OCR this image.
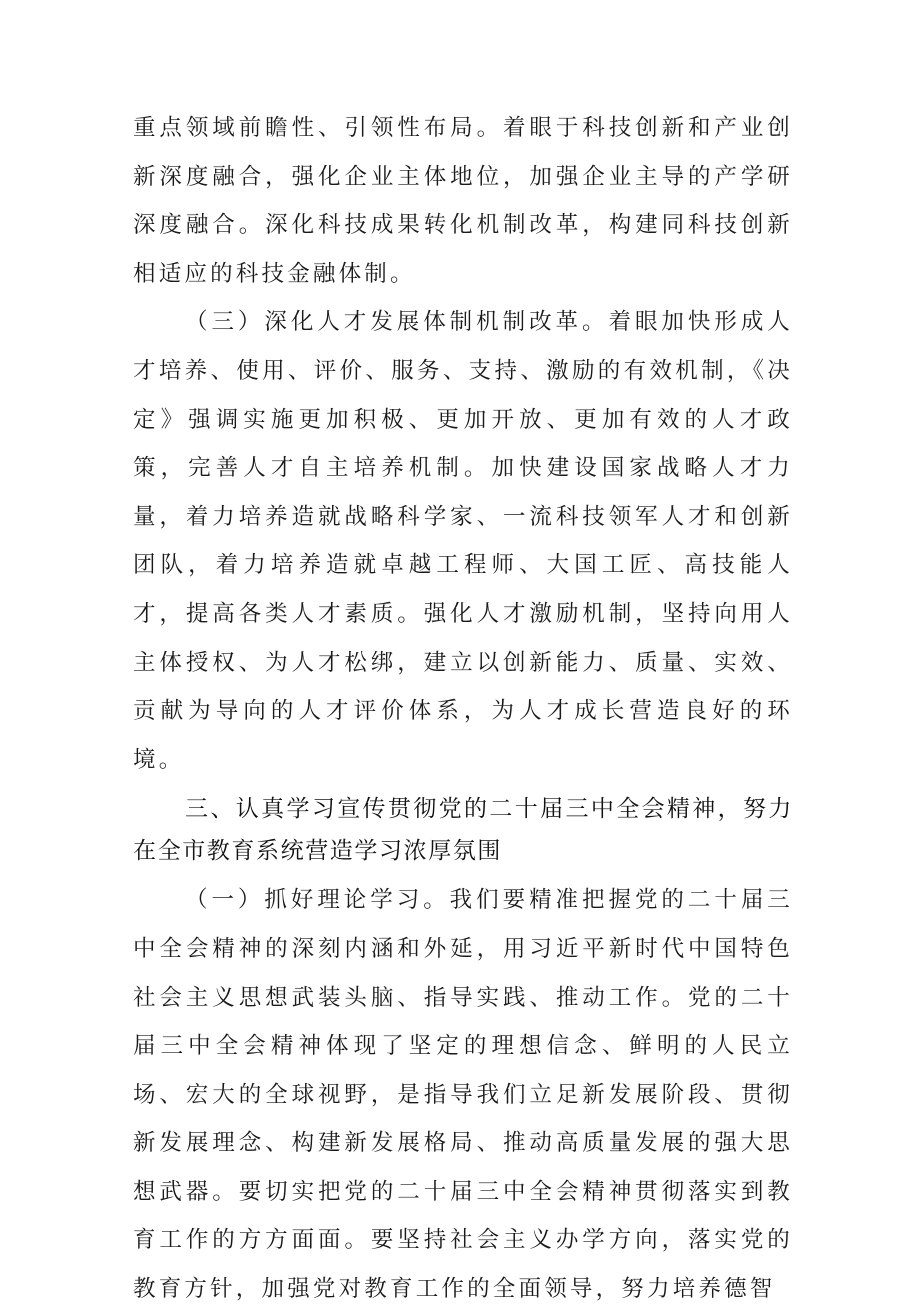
重点领域前瞻性、引领性布局。着眼于科技创新和产业创新深度融合，强化企业主体地位，加强企业主导的产学研深度融合。深化科技成果转化机制改革，构建同科技创新相适应的科技金融体制。

（三）深化人才发展体制机制改革。着眼加快形成人才培养、使用、评价、服务、支持、激励的有效机制，《决定》强调实施更加积极、更加开放、更加有效的人才政策，完善人才自主培养机制。加快建设国家战略人才力量，着力培养造就战略科学家、一流科技领军人才和创新团队，着力培养造就卓越工程师、大国工匠、高技能人才，提高各类人才素质。强化人才激励机制，坚持向用人主体授权、为人才松绑，建立以创新能力、质量、实效、贡献为导向的人才评价体系，为人才成长营造良好的环境。

三、认真学习宣传贯彻党的二十届三中全会精神，努力在全市教育系统营造学习浓厚氛围

（一）抓好理论学习。我们要精准把握党的二十届三中全会精神的深刻内涵和外延，用习近平新时代中国特色社会主义思想武装头脑、指导实践、推动工作。党的二十届三中全会精神体现了坚定的理想信念、鲜明的人民立场、宏大的全球视野，是指导我们立足新发展阶段、贯彻新发展理念、构建新发展格局、推动高质量发展的强大思想武器。要切实把党的二十届三中全会精神贯彻落实到教育工作的方方面面。要坚持社会主义办学方向，落实党的教育方针，加强党对教育工作的全面领导，努力培养德智
